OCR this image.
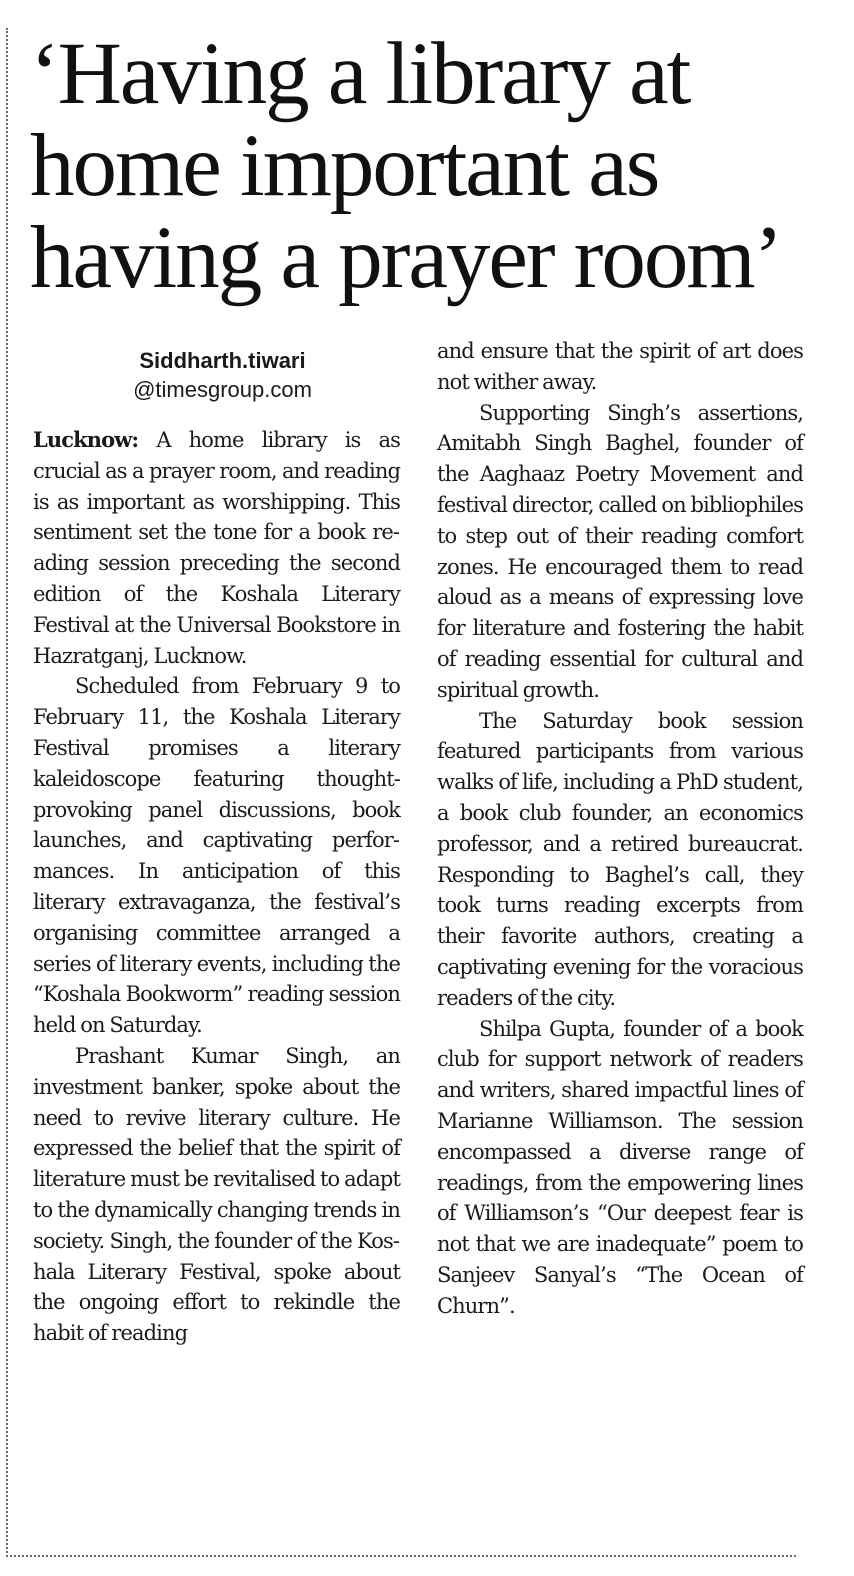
‘Having a library at
home important as
having a prayer room’
Siddharth.tiwari
@timesgroup.com

Lucknow: A home library is as crucial as a prayer room, and reading is as important as worshipping. This sentiment set the tone for a book reading session preceding the second edition of the Koshala Literary Festival at the Universal Bookstore in Hazratganj, Lucknow.

Scheduled from February 9 to February 11, the Koshala Literary Festival promises a literary kaleidoscope featuring thought-provoking panel discussions, book launches, and captivating performances. In anticipation of this literary extravaganza, the festival’s organising committee arranged a series of literary events, including the “Koshala Bookworm” reading session held on Saturday.

Prashant Kumar Singh, an investment banker, spoke about the need to revive literary culture. He expressed the belief that the spirit of literature must be revitalised to adapt to the dynamically changing trends in society. Singh, the founder of the Koshala Literary Festival, spoke about the ongoing effort to rekindle the habit of reading

and ensure that the spirit of art does not wither away.

Supporting Singh’s assertions, Amitabh Singh Baghel, founder of the Aaghaaz Poetry Movement and festival director, called on bibliophiles to step out of their reading comfort zones. He encouraged them to read aloud as a means of expressing love for literature and fostering the habit of reading essential for cultural and spiritual growth.

The Saturday book session featured participants from various walks of life, including a PhD student, a book club founder, an economics professor, and a retired bureaucrat. Responding to Baghel’s call, they took turns reading excerpts from their favorite authors, creating a captivating evening for the voracious readers of the city.

Shilpa Gupta, founder of a book club for support network of readers and writers, shared impactful lines of Marianne Williamson. The session encompassed a diverse range of readings, from the empowering lines of Williamson’s “Our deepest fear is not that we are inadequate” poem to Sanjeev Sanyal’s “The Ocean of Churn”.
